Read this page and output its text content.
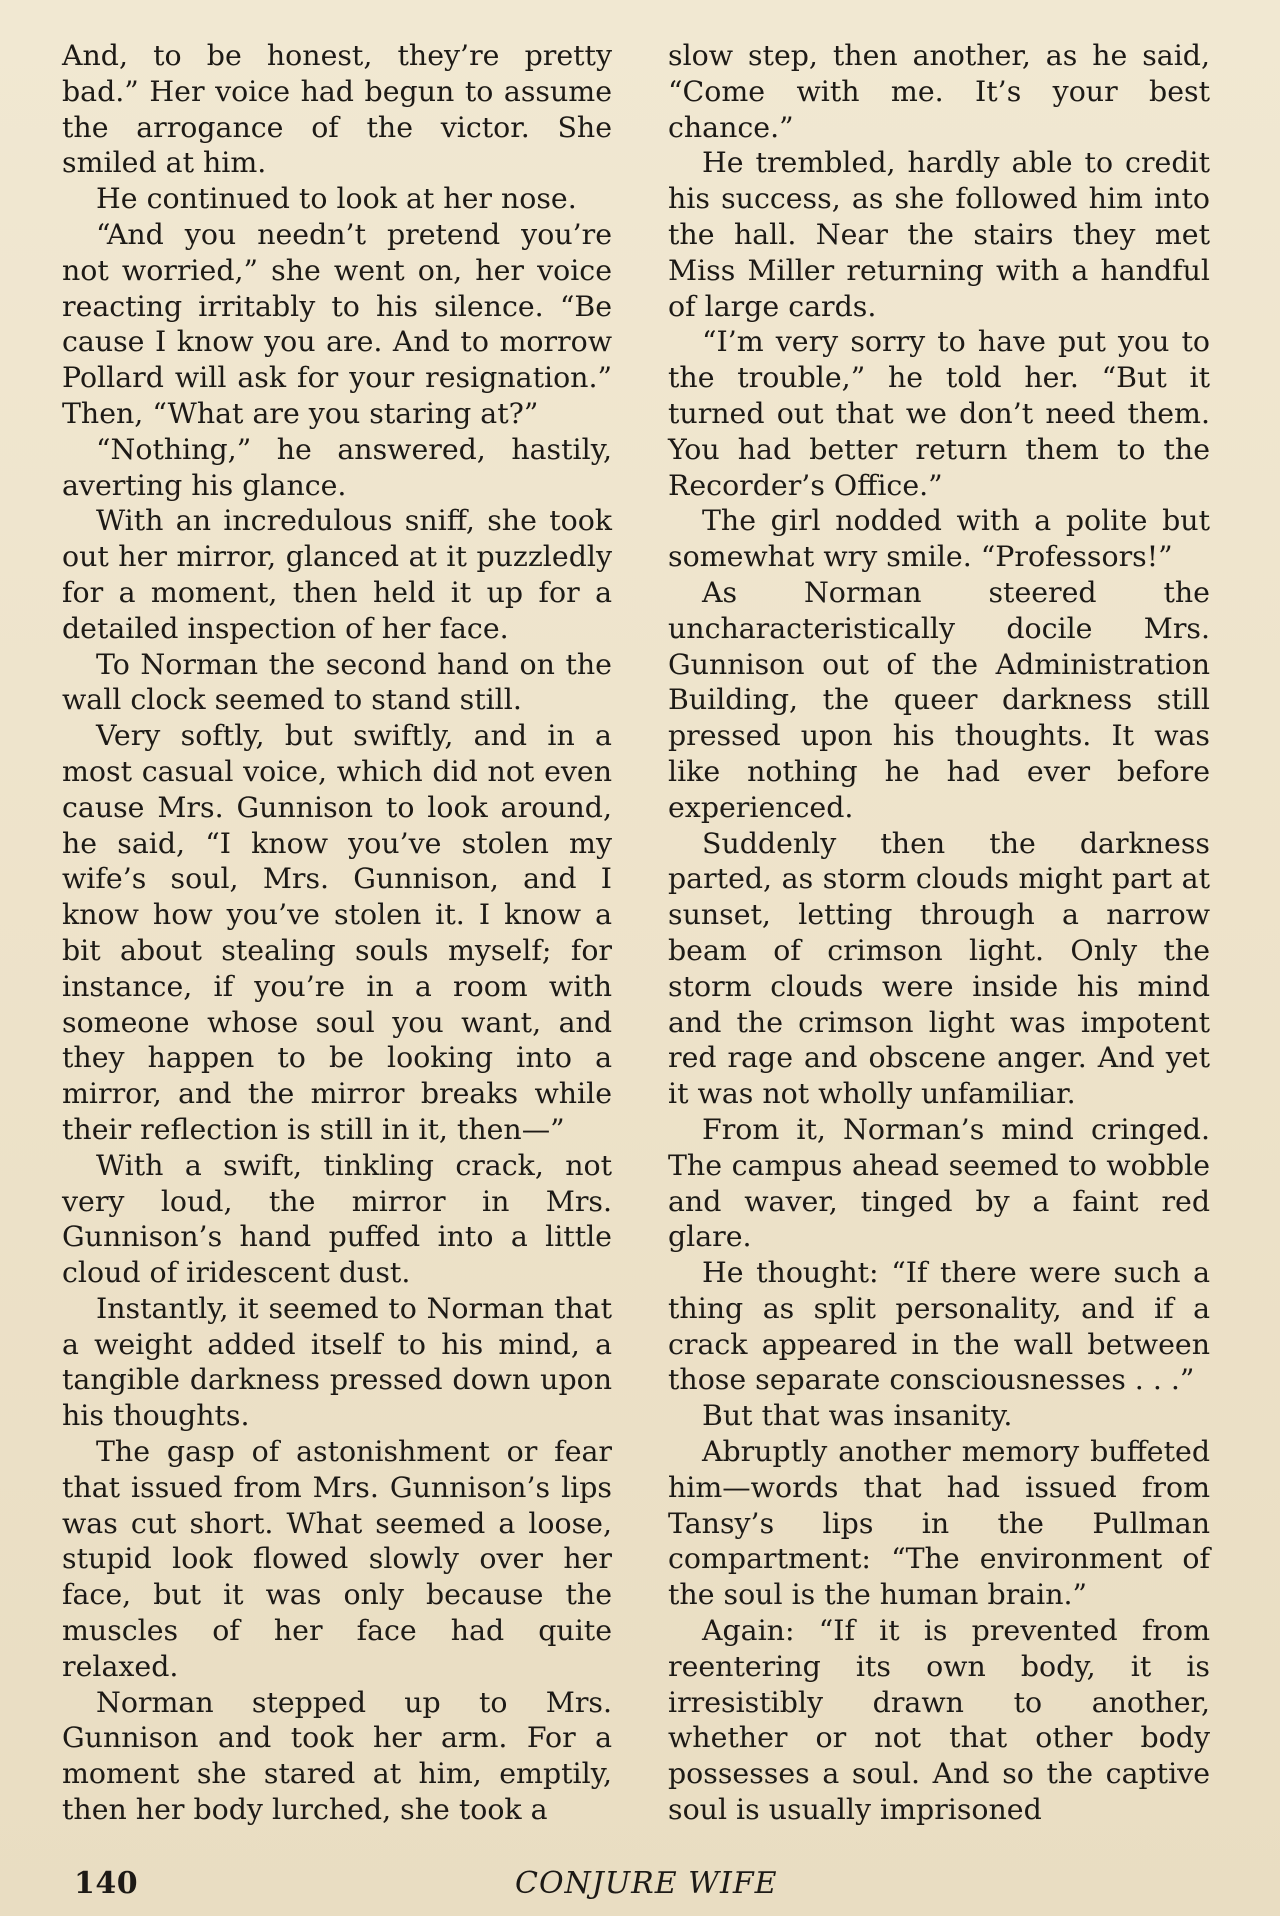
And, to be honest, they’re pretty bad.” Her voice had begun to assume the arrogance of the victor. She smiled at him.

He continued to look at her nose.

“And you needn’t pretend you’re not worried,” she went on, her voice reacting irritably to his silence. “Be cause I know you are. And to morrow Pollard will ask for your resignation.” Then, “What are you staring at?”

“Nothing,” he answered, hastily, averting his glance.

With an incredulous sniff, she took out her mirror, glanced at it puzzledly for a moment, then held it up for a detailed inspection of her face.

To Norman the second hand on the wall clock seemed to stand still.

Very softly, but swiftly, and in a most casual voice, which did not even cause Mrs. Gunnison to look around, he said, “I know you’ve stolen my wife’s soul, Mrs. Gunnison, and I know how you’ve stolen it. I know a bit about stealing souls myself; for instance, if you’re in a room with someone whose soul you want, and they happen to be looking into a mirror, and the mirror breaks while their reflection is still in it, then—”

With a swift, tinkling crack, not very loud, the mirror in Mrs. Gunnison’s hand puffed into a little cloud of iridescent dust.

Instantly, it seemed to Norman that a weight added itself to his mind, a tangible darkness pressed down upon his thoughts.

The gasp of astonishment or fear that issued from Mrs. Gunnison’s lips was cut short. What seemed a loose, stupid look flowed slowly over her face, but it was only because the muscles of her face had quite relaxed.

Norman stepped up to Mrs. Gunnison and took her arm. For a moment she stared at him, emptily, then her body lurched, she took a

slow step, then another, as he said, “Come with me. It’s your best chance.”

He trembled, hardly able to credit his success, as she followed him into the hall. Near the stairs they met Miss Miller returning with a handful of large cards.

“I’m very sorry to have put you to the trouble,” he told her. “But it turned out that we don’t need them. You had better return them to the Recorder’s Office.”

The girl nodded with a polite but somewhat wry smile. “Professors!”

As Norman steered the uncharacteristically docile Mrs. Gunnison out of the Administration Building, the queer darkness still pressed upon his thoughts. It was like nothing he had ever before experienced.

Suddenly then the darkness parted, as storm clouds might part at sunset, letting through a narrow beam of crimson light. Only the storm clouds were inside his mind and the crimson light was impotent red rage and obscene anger. And yet it was not wholly unfamiliar.

From it, Norman’s mind cringed. The campus ahead seemed to wobble and waver, tinged by a faint red glare.

He thought: “If there were such a thing as split personality, and if a crack appeared in the wall between those separate consciousnesses . . .”

But that was insanity.

Abruptly another memory buffeted him—words that had issued from Tansy’s lips in the Pullman compartment: “The environment of the soul is the human brain.”

Again: “If it is prevented from reentering its own body, it is irresistibly drawn to another, whether or not that other body possesses a soul. And so the captive soul is usually imprisoned

140	CONJURE WIFE
